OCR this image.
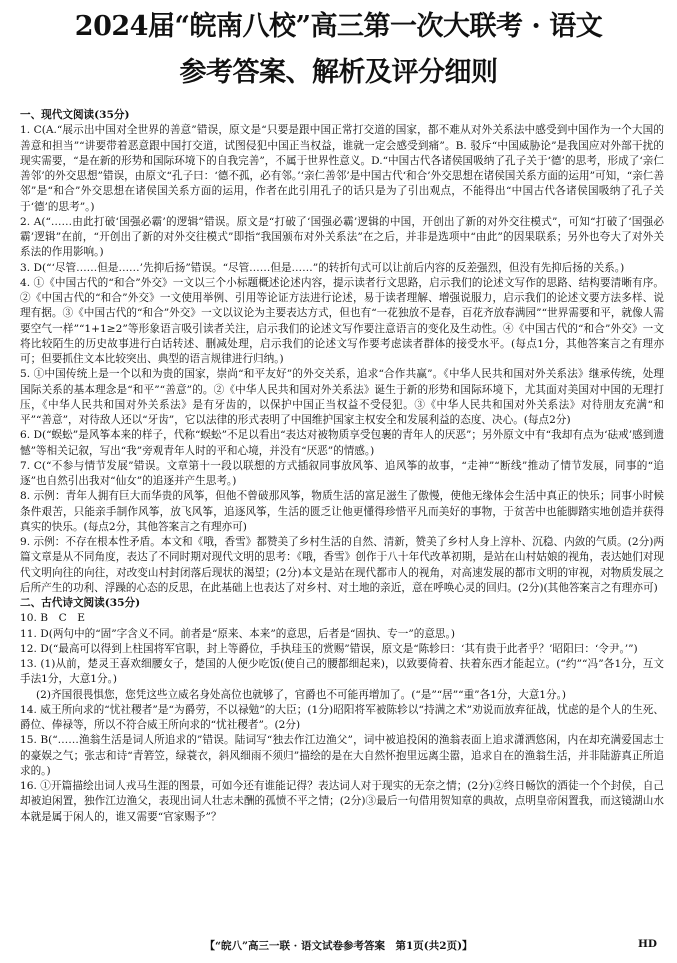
2024届“皖南八校”高三第一次大联考 · 语文
参考答案、解析及评分细则

一、现代文阅读(35分)

1. C(A.“展示出中国对全世界的善意”错误，原文是“只要是跟中国正常打交道的国家，都不难从对外关系法中感受到中国作为一个大国的善意和担当”“讲要带着恶意跟中国打交道，试图侵犯中国正当权益，谁就一定会感受到痛”。B. 驳斥“中国威胁论”是我国应对外部干扰的现实需要，“是在新的形势和国际环境下的自我完善”，不属于世界性意义。D.“中国古代各诸侯国吸纳了孔子关于‘德’的思考，形成了‘亲仁善邻’的外交思想”错误，由原文“孔子曰：‘德不孤，必有邻。’‘亲仁善邻’是中国古代‘和合’外交思想在诸侯国关系方面的运用”可知，“亲仁善邻”是“和合”外交思想在诸侯国关系方面的运用，作者在此引用孔子的话只是为了引出观点，不能得出“中国古代各诸侯国吸纳了孔子关于‘德’的思考”。)

2. A(“……由此打破‘国强必霸’的逻辑”错误。原文是“打破了‘国强必霸’逻辑的中国，开创出了新的对外交往模式”，可知“打破了‘国强必霸’逻辑”在前，“开创出了新的对外交往模式”即指“我国颁布对外关系法”在之后，并非是选项中“由此”的因果联系；另外也夸大了对外关系法的作用影响。)

3. D(“‘尽管……但是……’先抑后扬”错误。“尽管……但是……”的转折句式可以让前后内容的反差强烈，但没有先抑后扬的关系。)

4. ①《中国古代的“和合”外交》一文以三个小标题概述论述内容，提示读者行文思路，启示我们的论述文写作的思路、结构要清晰有序。②《中国古代的“和合”外交》一文使用举例、引用等论证方法进行论述，易于读者理解、增强说服力，启示我们的论述文要方法多样、说理有据。③《中国古代的“和合”外交》一文以议论为主要表达方式，但也有“一花独放不是春，百花齐放春满园”“世界需要和平，就像人需要空气一样”“1+1≥2”等形象语言吸引读者关注，启示我们的论述文写作要注意语言的变化及生动性。④《中国古代的“和合”外交》一文将比较陌生的历史故事进行白话转述、删减处理，启示我们的论述文写作要考虑读者群体的接受水平。(每点1分，其他答案言之有理亦可；但要抓住文本比较突出、典型的语言规律进行归纳。)

5. ①中国传统上是一个以和为贵的国家，崇尚“和平友好”的外交关系，追求“合作共赢”。《中华人民共和国对外关系法》继承传统，处理国际关系的基本理念是“和平”“善意”的。②《中华人民共和国对外关系法》诞生于新的形势和国际环境下，尤其面对美国对中国的无理打压，《中华人民共和国对外关系法》是有牙齿的，以保护中国正当权益不受侵犯。③《中华人民共和国对外关系法》对待朋友充满“和平”“善意”，对待敌人还以“牙齿”，它以法律的形式表明了中国维护国家主权安全和发展利益的态度、决心。(每点2分)

6. D(“蜈蚣”是风筝本来的样子，代称“蜈蚣”不足以看出“表达对被物质享受包裹的青年人的厌恶”；另外原文中有“我却有点为‘砝戒’感到遗憾”等相关记叙，写出“我”旁观青年人时的平和心境，并没有“厌恶”的情感。)

7. C(“不参与情节发展”错误。文章第十一段以联想的方式插叙同事放风筝、追风筝的故事，“走神”“断线”推动了情节发展，同事的“追逐”也自然引出我对“仙女”的追逐并产生思考。)

8. 示例：青年人拥有巨大而华贵的风筝，但他不曾破那风筝，物质生活的富足滋生了傲慢，使他无缘体会生活中真正的快乐；同事小时候条件艰苦，只能亲手制作风筝，放飞风筝，追逐风筝，生活的匮乏让他更懂得珍惜平凡而美好的事物，于贫苦中也能脚踏实地创造并获得真实的快乐。(每点2分，其他答案言之有理亦可)

9. 示例：不存在根本性矛盾。本文和《哦，香雪》都赞美了乡村生活的自然、清新，赞美了乡村人身上淳朴、沉稳、内敛的气质。(2分)两篇文章是从不同角度，表达了不同时期对现代文明的思考：《哦，香雪》创作于八十年代改革初期，是站在山村姑娘的视角，表达她们对现代文明向往的向往，对改变山村封闭落后现状的渴望；(2分)本文是站在现代都市人的视角，对高速发展的都市文明的审视，对物质发展之后所产生的功利、浮躁的心态的反思，在此基础上也表达了对乡村、对土地的亲近，意在呼唤心灵的回归。(2分)(其他答案言之有理亦可)

二、古代诗文阅读(35分)

10. B　C　E

11. D(两句中的“固”字含义不同。前者是“原来、本来”的意思，后者是“固执、专一”的意思。)

12. D(“最高可以得到上柱国将军官职，封上等爵位，手执珪玉的赏赐”错误，原文是“陈轸曰：‘其有贵于此者乎？’昭阳曰：‘令尹。’”)

13. (1)从前，楚灵王喜欢细腰女子，楚国的人便少吃饭(使自己的腰都细起来)，以致要倚着、扶着东西才能起立。(“约”“冯”各1分，互文手法1分，大意1分。)

(2)齐国很畏惧您，您凭这些立威名身处高位也就够了，官爵也不可能再增加了。(“是”“居”“重”各1分，大意1分。)

14. 威王所向求的“忧社稷者”是“为爵劳，不以禄勉”的大臣；(1分)昭阳将军被陈轸以“持满之术”劝说而放弃征战，忧虑的是个人的生死、爵位、俸禄等，所以不符合威王所向求的“忧社稷者”。(2分)

15. B(“……渔翁生活是词人所追求的”错误。陆词写“独去作江边渔父”，词中被追投闲的渔翁表面上追求潇洒悠闲，内在却充满爱国志士的豪娱之气；张志和诗“青箬笠，绿蓑衣，斜风细雨不须归”描绘的是在大自然怀抱里远离尘嚣，追求自在的渔翁生活，并非陆游真正所追求的。)

16. ①开篇描绘出词人戎马生涯的图景，可如今还有谁能记得？表达词人对于现实的无奈之情；(2分)②终日畅饮的酒徒一个个封侯，自己却被迫闲置，独作江边渔父，表现出词人壮志未酬的孤愤不平之情；(2分)③最后一句借用贺知章的典故，点明皇帝闲置我，而这镜湖山水本就是属于闲人的，谁又需要“官家赐予”？

【“皖八”高三一联 · 语文试卷参考答案　第1页(共2页)】	HD
